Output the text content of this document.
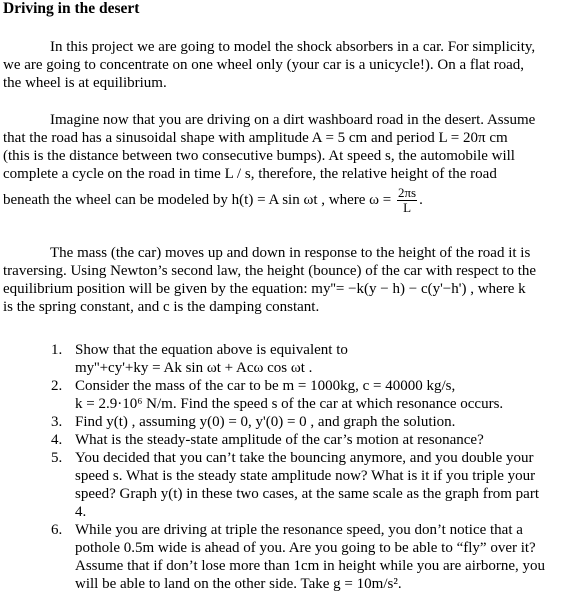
Driving in the desert
In this project we are going to model the shock absorbers in a car. For simplicity,
we are going to concentrate on one wheel only (your car is a unicycle!). On a flat road,
the wheel is at equilibrium.
Imagine now that you are driving on a dirt washboard road in the desert. Assume
that the road has a sinusoidal shape with amplitude A = 5 cm and period L = 20π cm
(this is the distance between two consecutive bumps). At speed s, the automobile will
complete a cycle on the road in time L / s, therefore, the relative height of the road
beneath the wheel can be modeled by h(t) = A sin ωt , where $\omega = \frac{2\pi s}{L}$ .
The mass (the car) moves up and down in response to the height of the road it is
traversing. Using Newton’s second law, the height (bounce) of the car with respect to the
equilibrium position will be given by the equation: my''= −k(y − h) − c(y'−h') , where k
is the spring constant, and c is the damping constant.
1. Show that the equation above is equivalent to
my''+cy'+ky = Ak sin ωt + Acω cos ωt .
2. Consider the mass of the car to be m = 1000kg, c = 40000 kg/s,
k = 2.9·10⁶ N/m. Find the speed s of the car at which resonance occurs.
3. Find y(t) , assuming y(0) = 0, y'(0) = 0 , and graph the solution.
4. What is the steady-state amplitude of the car’s motion at resonance?
5. You decided that you can’t take the bouncing anymore, and you double your
speed s. What is the steady state amplitude now? What is it if you triple your
speed? Graph y(t) in these two cases, at the same scale as the graph from part
4.
6. While you are driving at triple the resonance speed, you don’t notice that a
pothole 0.5m wide is ahead of you. Are you going to be able to “fly” over it?
Assume that if don’t lose more than 1cm in height while you are airborne, you
will be able to land on the other side. Take g = 10m/s².
